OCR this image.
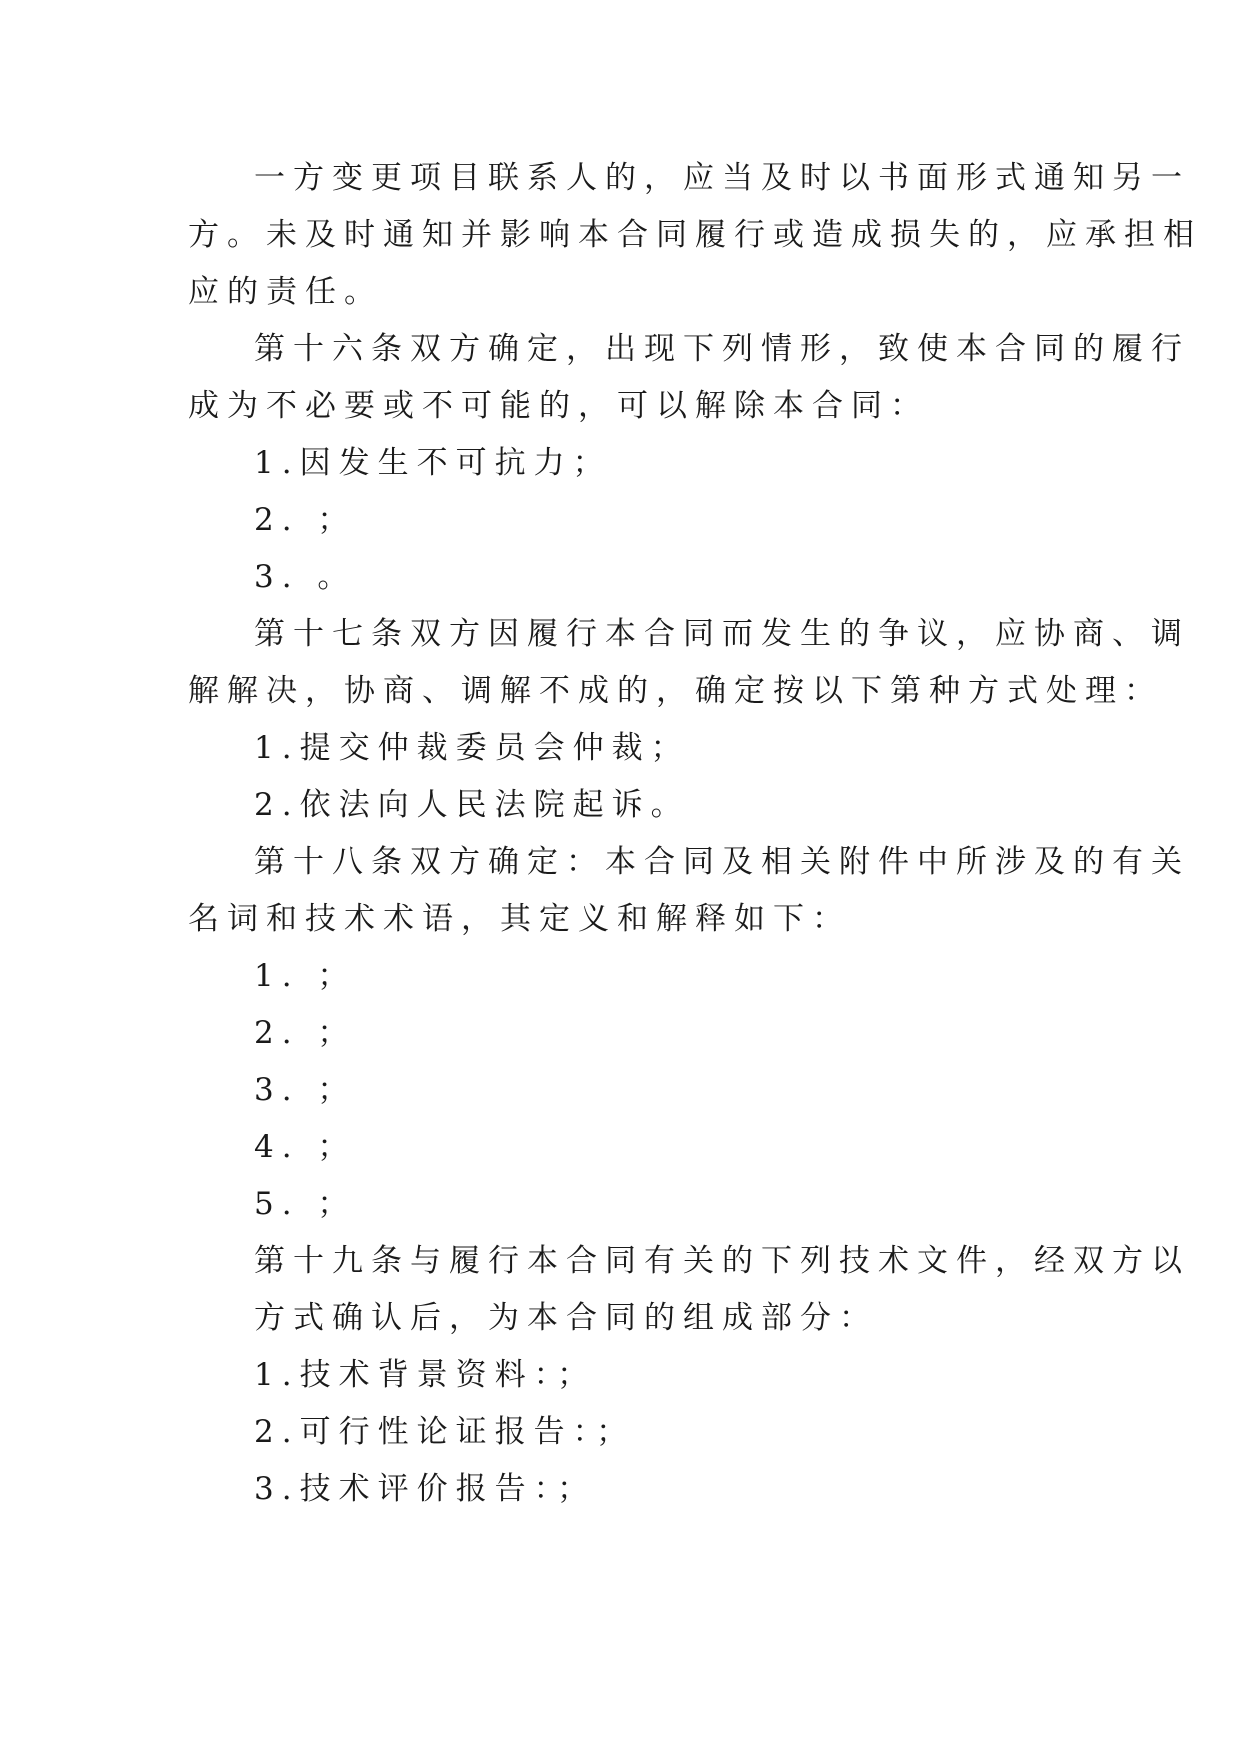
一方变更项目联系人的，应当及时以书面形式通知另一
方。未及时通知并影响本合同履行或造成损失的，应承担相
应的责任。
第十六条双方确定，出现下列情形，致使本合同的履行
成为不必要或不可能的，可以解除本合同：
1.因发生不可抗力；
2. ；
3. 。
第十七条双方因履行本合同而发生的争议，应协商、调
解解决，协商、调解不成的，确定按以下第种方式处理：
1.提交仲裁委员会仲裁；
2.依法向人民法院起诉。
第十八条双方确定：本合同及相关附件中所涉及的有关
名词和技术术语，其定义和解释如下：
1. ；
2. ；
3. ；
4. ；
5. ；
第十九条与履行本合同有关的下列技术文件，经双方以
方式确认后，为本合同的组成部分：
1.技术背景资料：；
2.可行性论证报告：；
3.技术评价报告：；
